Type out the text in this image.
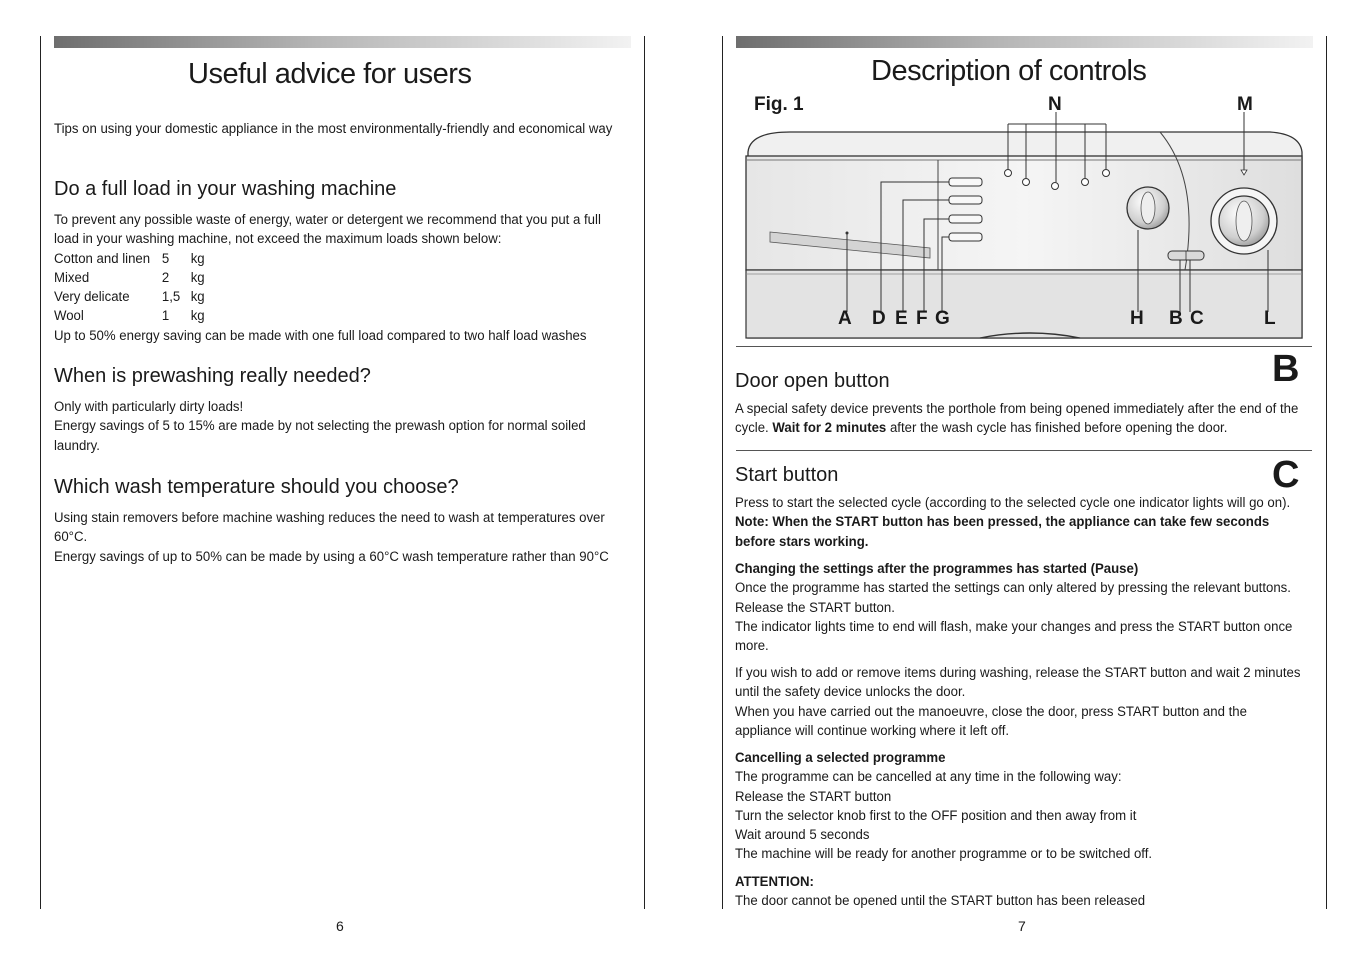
Useful advice for users
Tips on using your domestic appliance in the most environmentally-friendly and economical way
Do a full load in your washing machine

To prevent any possible waste of energy, water or detergent we recommend that you put a full load in your washing machine, not exceed the maximum loads shown below:

Cotton and linen 5 kg

Mixed	2 kg

Very delicate 1,5 kg

Wool	1 kg

Up to 50% energy saving can be made with one full load compared to two half load washes

When is prewashing really needed?

Only with particularly dirty loads!

Energy savings of 5 to 15% are made by not selecting the prewash option for normal soiled laundry.

Which wash temperature should you choose?

Using stain removers before machine washing reduces the need to wash at temperatures over 60°C.

Energy savings of up to 50% can be made by using a 60°C wash temperature rather than 90°C

6
Description of controls
Fig. 1	N	M
A D E F G	H B C	L
B
Door open button

A special safety device prevents the porthole from being opened immediately after the end of the cycle. Wait for 2 minutes after the wash cycle has finished before opening the door.

C
Start button

Press to start the selected cycle (according to the selected cycle one indicator lights will go on).

Note: When the START button has been pressed, the appliance can take few seconds before stars working.

Changing the settings after the programmes has started (Pause)

Once the programme has started the settings can only altered by pressing the relevant buttons.

Release the START button.

The indicator lights time to end will flash, make your changes and press the START button once more.

If you wish to add or remove items during washing, release the START button and wait 2 minutes until the safety device unlocks the door.

When you have carried out the manoeuvre, close the door, press START button and the appliance will continue working where it left off.

Cancelling a selected programme

The programme can be cancelled at any time in the following way:

Release the START button

Turn the selector knob first to the OFF position and then away from it

Wait around 5 seconds

The machine will be ready for another programme or to be switched off.

ATTENTION:

The door cannot be opened until the START button has been released

7
